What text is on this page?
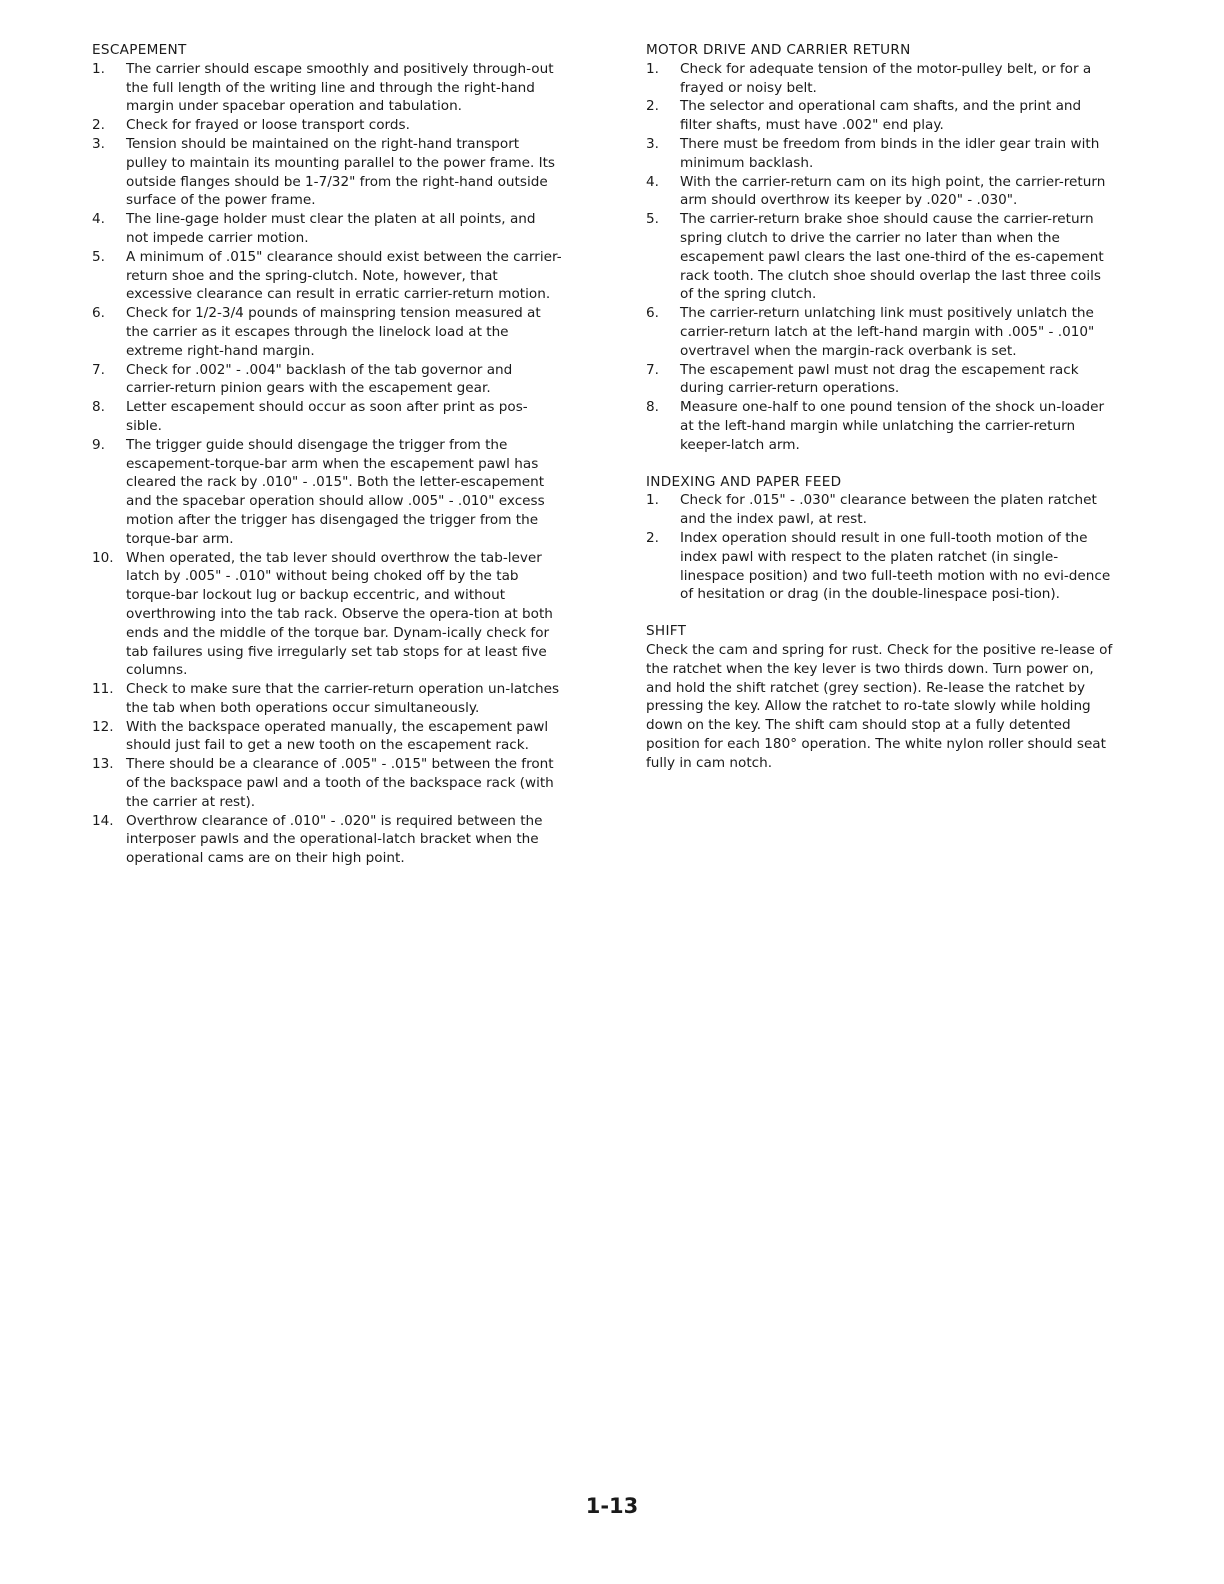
ESCAPEMENT
1. The carrier should escape smoothly and positively through-out the full length of the writing line and through the right-hand margin under spacebar operation and tabulation.
2. Check for frayed or loose transport cords.
3. Tension should be maintained on the right-hand transport pulley to maintain its mounting parallel to the power frame. Its outside flanges should be 1-7/32" from the right-hand outside surface of the power frame.
4. The line-gage holder must clear the platen at all points, and not impede carrier motion.
5. A minimum of .015" clearance should exist between the carrier-return shoe and the spring-clutch. Note, however, that excessive clearance can result in erratic carrier-return motion.
6. Check for 1/2-3/4 pounds of mainspring tension measured at the carrier as it escapes through the linelock load at the extreme right-hand margin.
7. Check for .002" - .004" backlash of the tab governor and carrier-return pinion gears with the escapement gear.
8. Letter escapement should occur as soon after print as pos-sible.
9. The trigger guide should disengage the trigger from the escapement-torque-bar arm when the escapement pawl has cleared the rack by .010" - .015". Both the letter-escapement and the spacebar operation should allow .005" - .010" excess motion after the trigger has disengaged the trigger from the torque-bar arm.
10. When operated, the tab lever should overthrow the tab-lever latch by .005" - .010" without being choked off by the tab torque-bar lockout lug or backup eccentric, and without overthrowing into the tab rack. Observe the opera-tion at both ends and the middle of the torque bar. Dynam-ically check for tab failures using five irregularly set tab stops for at least five columns.
11. Check to make sure that the carrier-return operation un-latches the tab when both operations occur simultaneously.
12. With the backspace operated manually, the escapement pawl should just fail to get a new tooth on the escapement rack.
13. There should be a clearance of .005" - .015" between the front of the backspace pawl and a tooth of the backspace rack (with the carrier at rest).
14. Overthrow clearance of .010" - .020" is required between the interposer pawls and the operational-latch bracket when the operational cams are on their high point.
MOTOR DRIVE AND CARRIER RETURN
1. Check for adequate tension of the motor-pulley belt, or for a frayed or noisy belt.
2. The selector and operational cam shafts, and the print and filter shafts, must have .002" end play.
3. There must be freedom from binds in the idler gear train with minimum backlash.
4. With the carrier-return cam on its high point, the carrier-return arm should overthrow its keeper by .020" - .030".
5. The carrier-return brake shoe should cause the carrier-return spring clutch to drive the carrier no later than when the escapement pawl clears the last one-third of the es-capement rack tooth. The clutch shoe should overlap the last three coils of the spring clutch.
6. The carrier-return unlatching link must positively unlatch the carrier-return latch at the left-hand margin with .005" - .010" overtravel when the margin-rack overbank is set.
7. The escapement pawl must not drag the escapement rack during carrier-return operations.
8. Measure one-half to one pound tension of the shock un-loader at the left-hand margin while unlatching the carrier-return keeper-latch arm.
INDEXING AND PAPER FEED
1. Check for .015" - .030" clearance between the platen ratchet and the index pawl, at rest.
2. Index operation should result in one full-tooth motion of the index pawl with respect to the platen ratchet (in single-linespace position) and two full-teeth motion with no evi-dence of hesitation or drag (in the double-linespace posi-tion).
SHIFT

Check the cam and spring for rust. Check for the positive re-lease of the ratchet when the key lever is two thirds down. Turn power on, and hold the shift ratchet (grey section). Re-lease the ratchet by pressing the key. Allow the ratchet to ro-tate slowly while holding down on the key. The shift cam should stop at a fully detented position for each 180° operation. The white nylon roller should seat fully in cam notch.

1-13
